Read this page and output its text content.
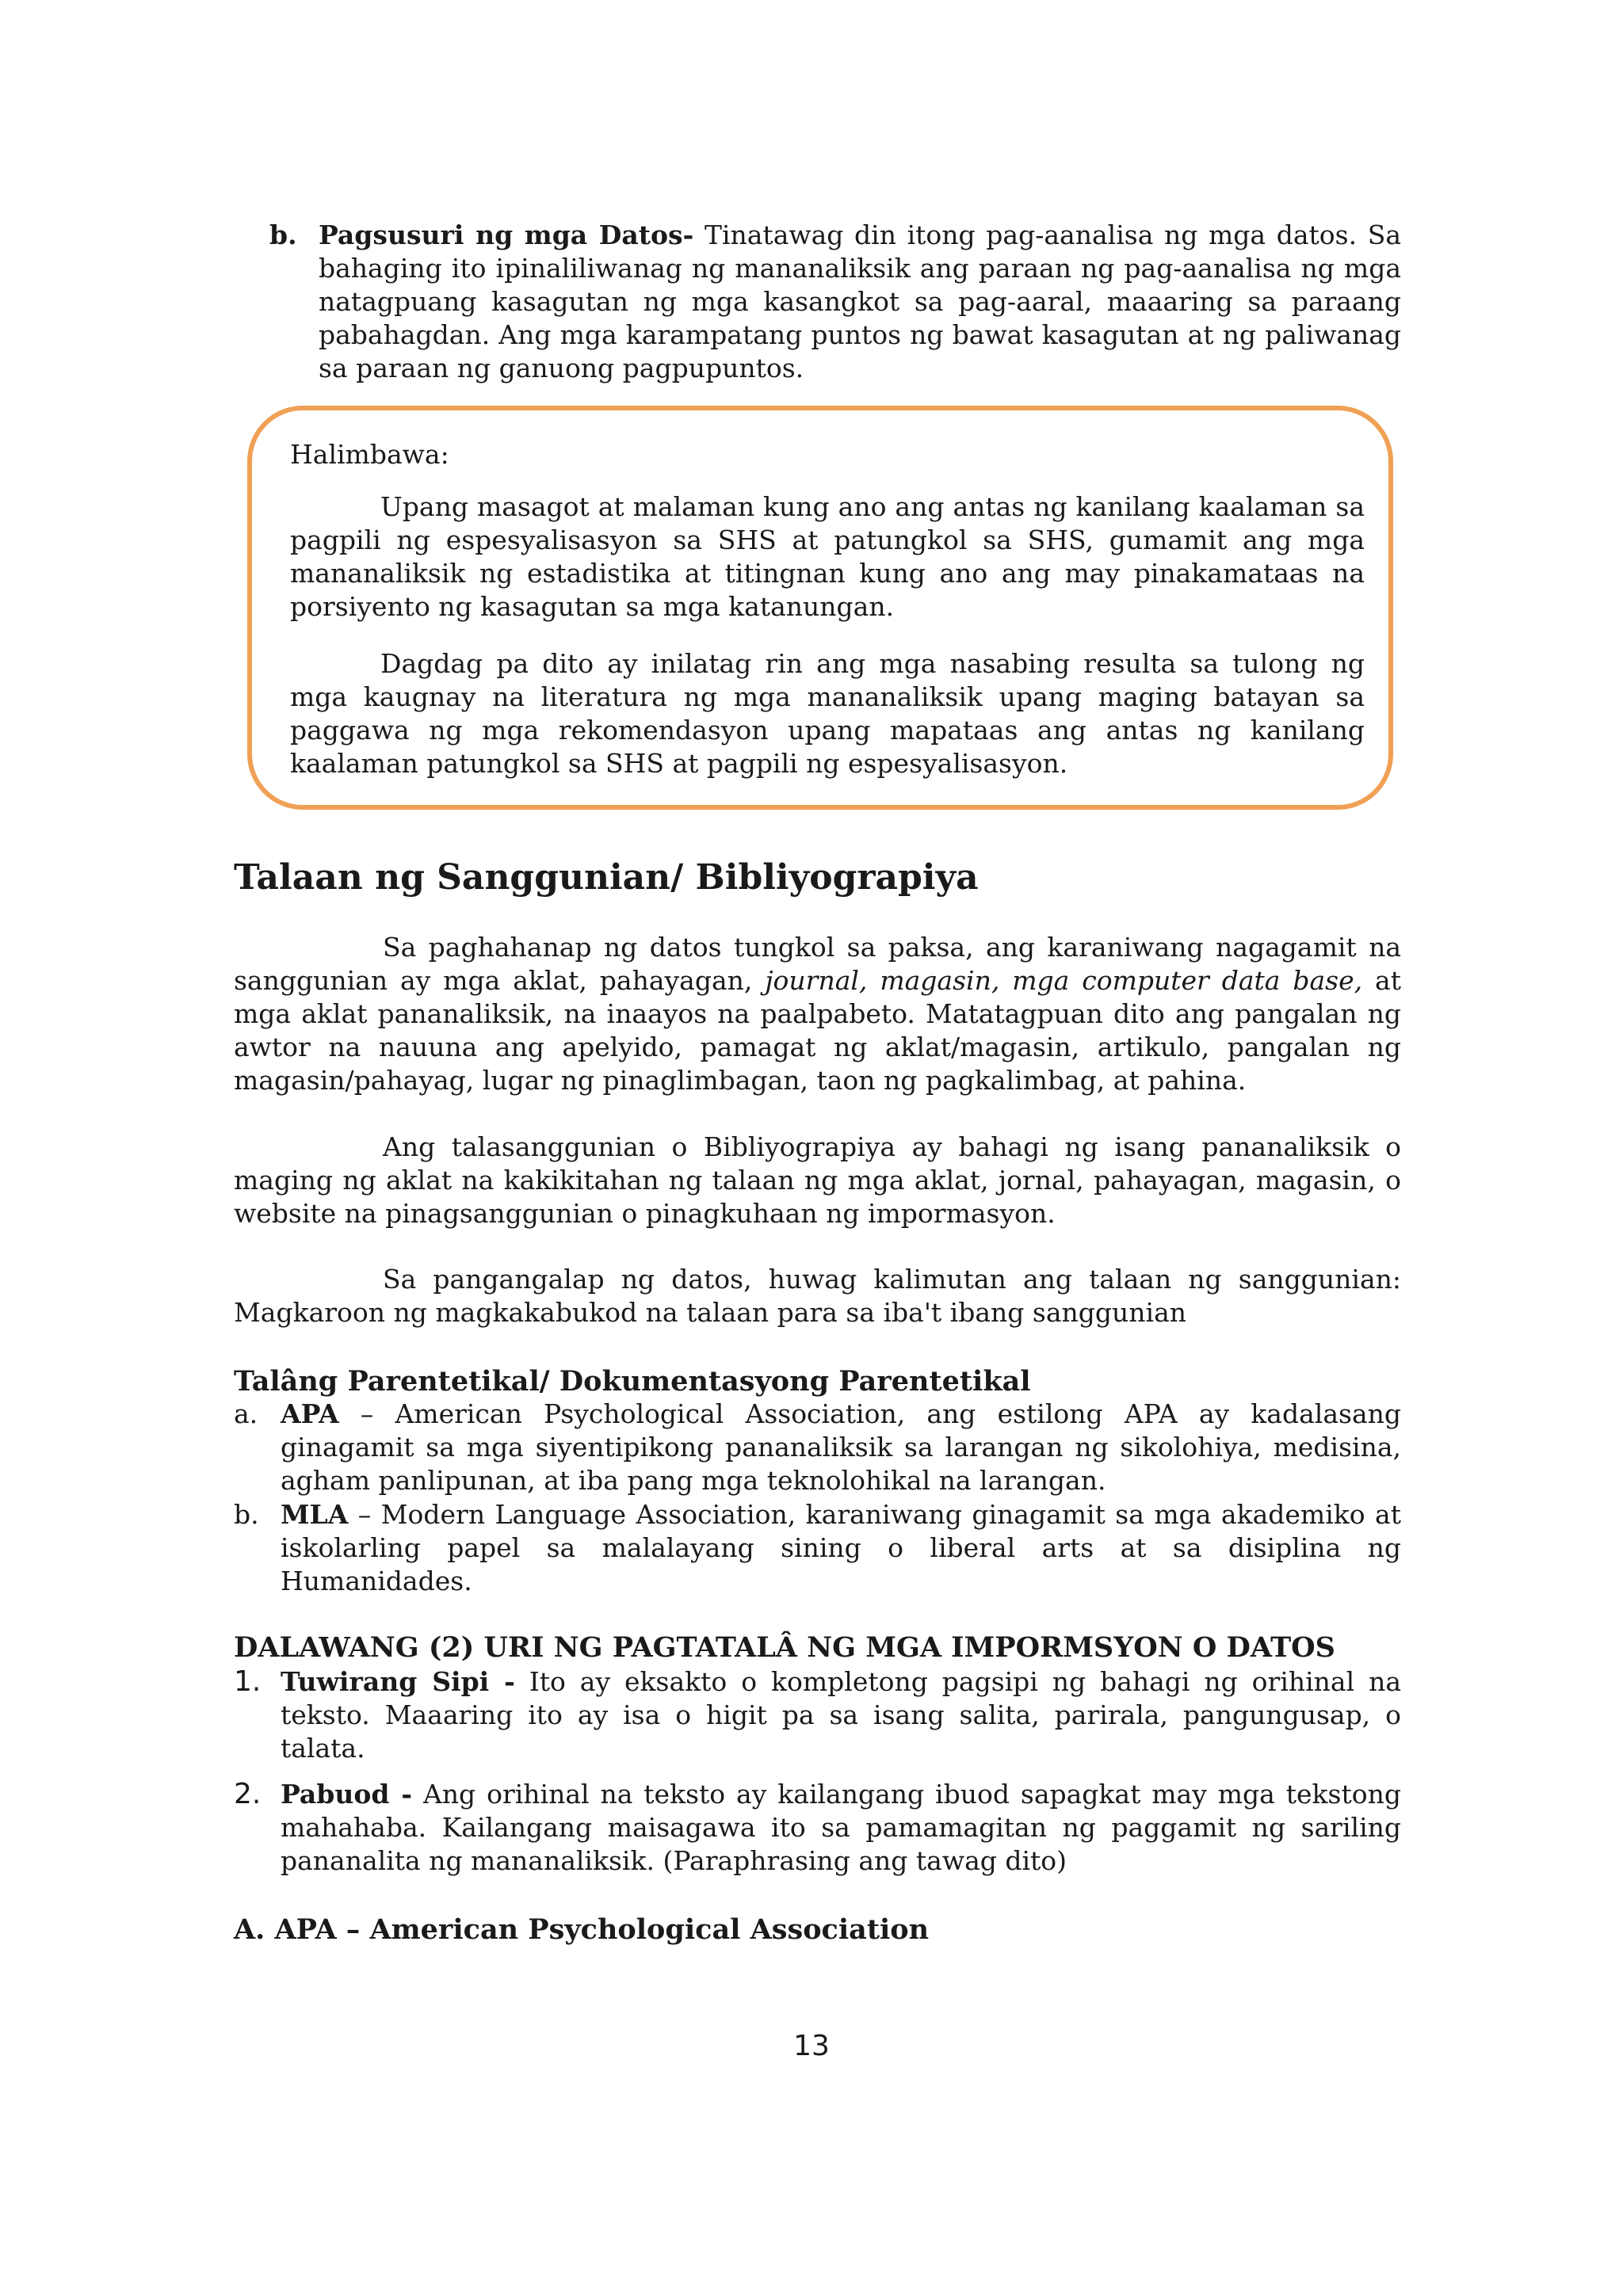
b. Pagsusuri ng mga Datos- Tinatawag din itong pag-aanalisa ng mga datos. Sa bahaging ito ipinaliliwanag ng mananaliksik ang paraan ng pag-aanalisa ng mga natagpuang kasagutan ng mga kasangkot sa pag-aaral, maaaring sa paraang pabahagdan. Ang mga karampatang puntos ng bawat kasagutan at ng paliwanag sa paraan ng ganuong pagpupuntos.

Halimbawa:

Upang masagot at malaman kung ano ang antas ng kanilang kaalaman sa pagpili ng espesyalisasyon sa SHS at patungkol sa SHS, gumamit ang mga mananaliksik ng estadistika at titingnan kung ano ang may pinakamataas na porsiyento ng kasagutan sa mga katanungan.

Dagdag pa dito ay inilatag rin ang mga nasabing resulta sa tulong ng mga kaugnay na literatura ng mga mananaliksik upang maging batayan sa paggawa ng mga rekomendasyon upang mapataas ang antas ng kanilang kaalaman patungkol sa SHS at pagpili ng espesyalisasyon.

Talaan ng Sanggunian/ Bibliyograpiya

Sa paghahanap ng datos tungkol sa paksa, ang karaniwang nagagamit na sanggunian ay mga aklat, pahayagan, journal, magasin, mga computer data base, at mga aklat pananaliksik, na inaayos na paalpabeto. Matatagpuan dito ang pangalan ng awtor na nauuna ang apelyido, pamagat ng aklat/magasin, artikulo, pangalan ng magasin/pahayag, lugar ng pinaglimbagan, taon ng pagkalimbag, at pahina.

Ang talasanggunian o Bibliyograpiya ay bahagi ng isang pananaliksik o maging ng aklat na kakikitahan ng talaan ng mga aklat, jornal, pahayagan, magasin, o website na pinagsanggunian o pinagkuhaan ng impormasyon.

Sa pangangalap ng datos, huwag kalimutan ang talaan ng sanggunian: Magkaroon ng magkakabukod na talaan para sa iba't ibang sanggunian

Talâng Parentetikal/ Dokumentasyong Parentetikal
a. APA – American Psychological Association, ang estilong APA ay kadalasang ginagamit sa mga siyentipikong pananaliksik sa larangan ng sikolohiya, medisina, agham panlipunan, at iba pang mga teknolohikal na larangan.

b. MLA – Modern Language Association, karaniwang ginagamit sa mga akademiko at iskolarling papel sa malalayang sining o liberal arts at sa disiplina ng Humanidades.

DALAWANG (2) URI NG PAGTATALÂ NG MGA IMPORMSYON O DATOS
1. Tuwirang Sipi - Ito ay eksakto o kompletong pagsipi ng bahagi ng orihinal na teksto. Maaaring ito ay isa o higit pa sa isang salita, parirala, pangungusap, o talata.

2. Pabuod - Ang orihinal na teksto ay kailangang ibuod sapagkat may mga tekstong mahahaba. Kailangang maisagawa ito sa pamamagitan ng paggamit ng sariling pananalita ng mananaliksik. (Paraphrasing ang tawag dito)

A. APA – American Psychological Association
13
